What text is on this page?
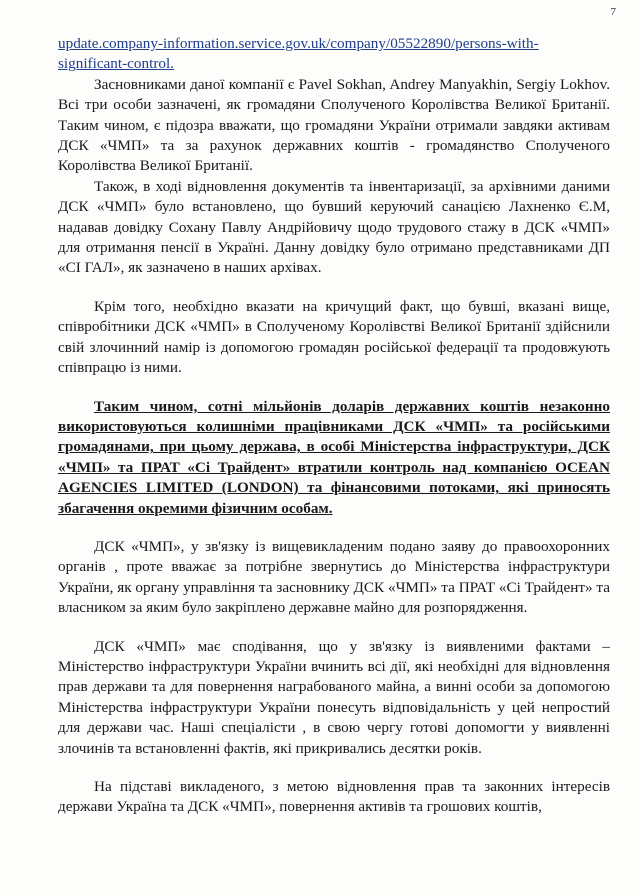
7

update.company-information.service.gov.uk/company/05522890/persons-with-
significant-control.

Засновниками даної компанії є Pavel Sokhan, Andrey Manyakhin, Sergiy Lokhov. Всі три особи зазначені, як громадяни Сполученого Королівства Великої Британії. Таким чином, є підозра вважати, що громадяни України отримали завдяки активам ДСК «ЧМП» та за рахунок державних коштів - громадянство Сполученого Королівства Великої Британії.

Також, в ході відновлення документів та інвентаризації, за архівними даними ДСК «ЧМП» було встановлено, що бувший керуючий санацією Лахненко Є.М, надавав довідку Сохану Павлу Андрійовичу щодо трудового стажу в ДСК «ЧМП» для отримання пенсії в Україні. Данну довідку було отримано представниками ДП «СІ ГАЛ», як зазначено в наших архівах.

Крім того, необхідно вказати на кричущий факт, що бувші, вказані вище, співробітники ДСК «ЧМП» в Сполученому Королівстві Великої Британії здійснили свій злочинний намір із допомогою громадян російської федерації та продовжують співпрацю із ними.

Таким чином, сотні мільйонів доларів державних коштів незаконно використовуються колишніми працівниками ДСК «ЧМП» та російськими громадянами, при цьому держава, в особі Міністерства інфраструктури, ДСК «ЧМП» та ПРАТ «Сі Трайдент» втратили контроль над компанією OCEAN AGENCIES LIMITED (LONDON) та фінансовими потоками, які приносять збагачення окремими фізичним особам.

ДСК «ЧМП», у зв'язку із вищевикладеним подано заяву до правоохоронних органів , проте вважає за потрібне звернутись до Міністерства інфраструктури України, як органу управління та засновнику ДСК «ЧМП» та ПРАТ «Сі Трайдент» та власником за яким було закріплено державне майно для розпорядження.

ДСК «ЧМП» має сподівання, що у зв'язку із виявленими фактами – Міністерство інфраструктури України вчинить всі дії, які необхідні для відновлення прав держави та для повернення награбованого майна, а винні особи за допомогою Міністерства інфраструктури України понесуть відповідальність у цей непростий для держави час. Наші спеціалісти , в свою чергу готові допомогти у виявленні злочинів та встановленні фактів, які прикривались десятки років.

На підставі викладеного, з метою відновлення прав та законних інтересів держави Україна та ДСК «ЧМП», повернення активів та грошових коштів,
